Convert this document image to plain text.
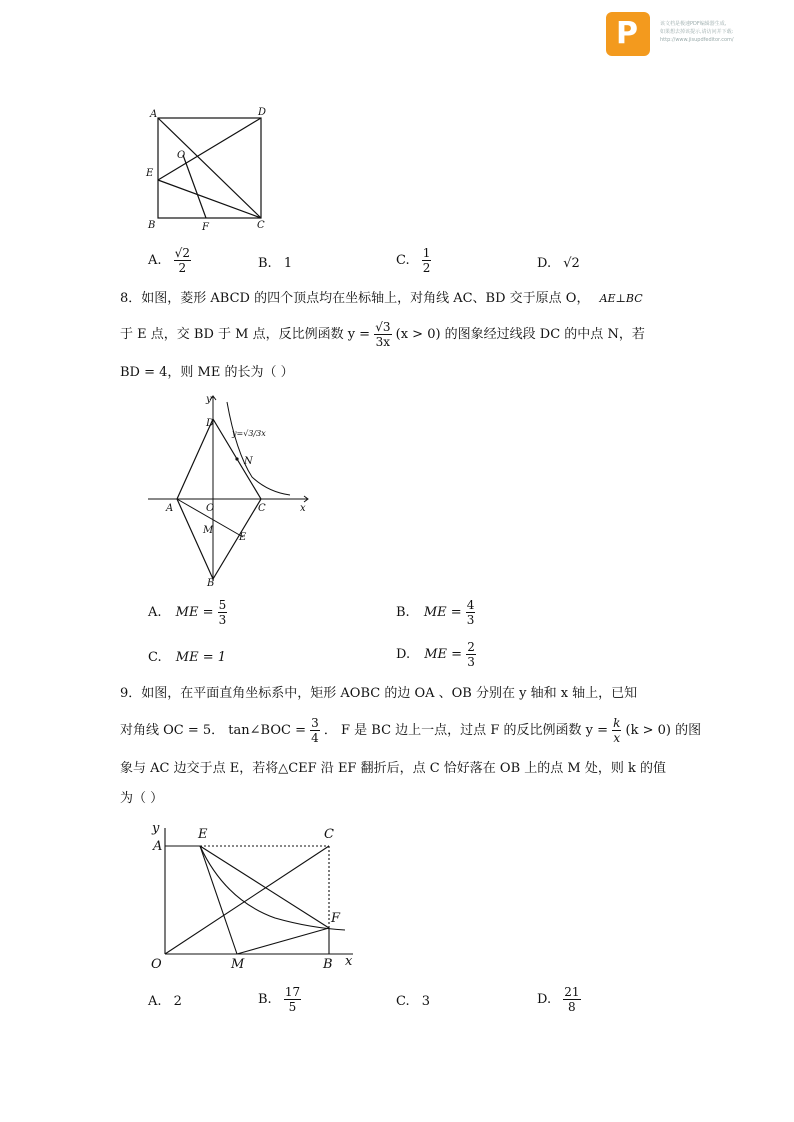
P	该文档是极速PDF编辑器生成,
如果想去掉该提示,请访问并下载:
http://www.jisupdfeditor.com/
A	D
O
E
B	F	C
A. $\frac{√2}{2}$	B. 1	C. $\frac{1}{2}$	D. √2
8．如图，菱形 ABCD 的四个顶点均在坐标轴上，对角线 AC、BD 交于原点 O， AE⊥BC
于 E 点，交 BD 于 M 点，反比例函数 $y = \frac{√3}{3x} (x > 0)$ 的图象经过线段 DC 的中点 N，若
BD = 4，则 ME 的长为（ ）
y
D
y=√3/3x
N
A	O	C	x
M
E
B
A. ME = $\frac{5}{3}$	B. ME = $\frac{4}{3}$
C. ME = 1	D. ME = $\frac{2}{3}$
9．如图，在平面直角坐标系中，矩形 AOBC 的边 OA 、OB 分别在 y 轴和 x 轴上，已知
对角线 OC = 5． tan∠BOC = $\frac{3}{4}$ ． F 是 BC 边上一点，过点 F 的反比例函数 $y = \frac{k}{x} (k > 0)$ 的图
象与 AC 边交于点 E，若将△CEF 沿 EF 翻折后，点 C 恰好落在 OB 上的点 M 处，则 k 的值
为（ ）
y
A
E	C
F
O	M	B x
A. 2	B. $\frac{17}{5}$	C. 3	D. $\frac{21}{8}$
